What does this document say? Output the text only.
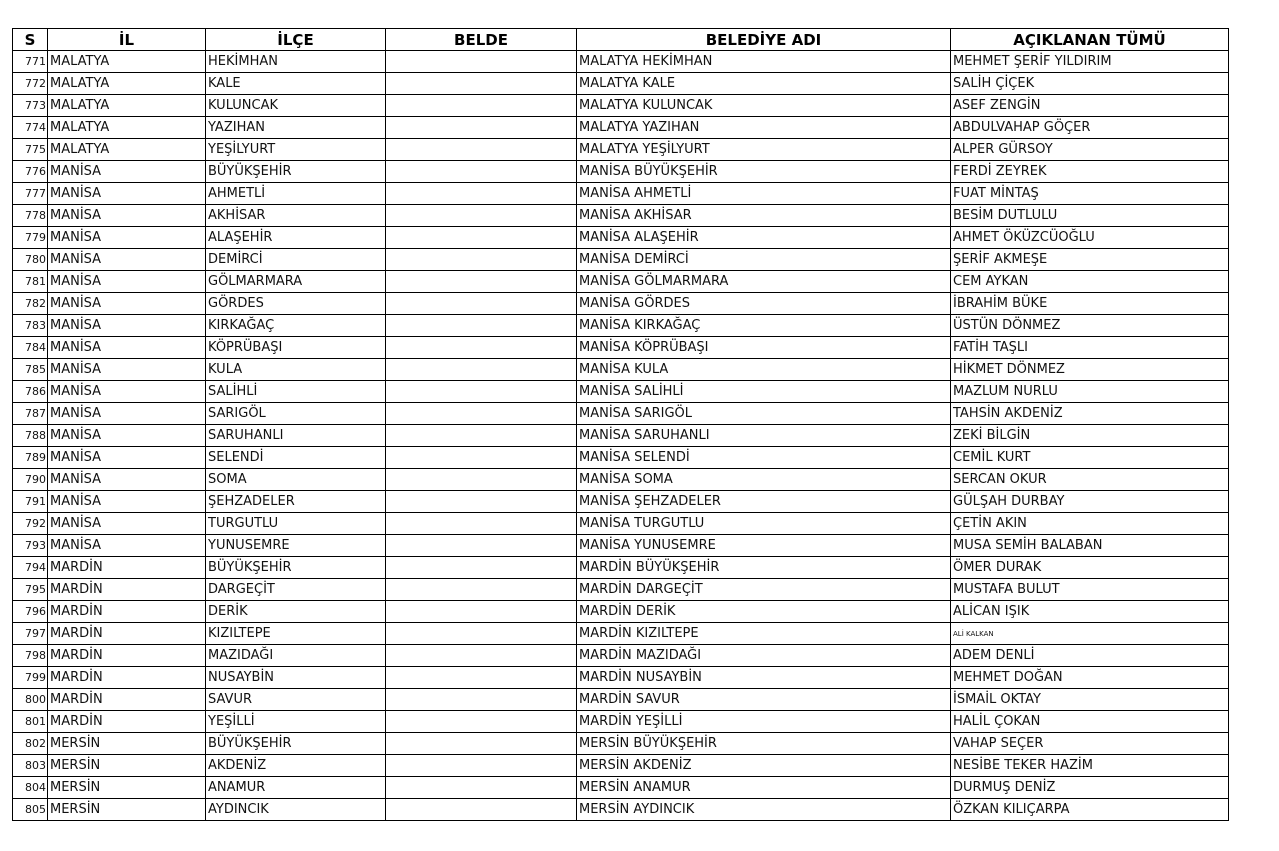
S	İL	İLÇE	BELDE	BELEDİYE ADI	AÇIKLANAN TÜMÜ
771	MALATYA	HEKİMHAN		MALATYA HEKİMHAN	MEHMET ŞERİF YILDIRIM
772	MALATYA	KALE		MALATYA KALE	SALİH ÇİÇEK
773	MALATYA	KULUNCAK		MALATYA KULUNCAK	ASEF ZENGİN
774	MALATYA	YAZIHAN		MALATYA YAZIHAN	ABDULVAHAP GÖÇER
775	MALATYA	YEŞİLYURT		MALATYA YEŞİLYURT	ALPER GÜRSOY
776	MANİSA	BÜYÜKŞEHİR		MANİSA BÜYÜKŞEHİR	FERDİ ZEYREK
777	MANİSA	AHMETLİ		MANİSA AHMETLİ	FUAT MİNTAŞ
778	MANİSA	AKHİSAR		MANİSA AKHİSAR	BESİM DUTLULU
779	MANİSA	ALAŞEHİR		MANİSA ALAŞEHİR	AHMET ÖKÜZCÜOĞLU
780	MANİSA	DEMİRCİ		MANİSA DEMİRCİ	ŞERİF AKMEŞE
781	MANİSA	GÖLMARMARA		MANİSA GÖLMARMARA	CEM AYKAN
782	MANİSA	GÖRDES		MANİSA GÖRDES	İBRAHİM BÜKE
783	MANİSA	KIRKAĞAÇ		MANİSA KIRKAĞAÇ	ÜSTÜN DÖNMEZ
784	MANİSA	KÖPRÜBAŞI		MANİSA KÖPRÜBAŞI	FATİH TAŞLI
785	MANİSA	KULA		MANİSA KULA	HİKMET DÖNMEZ
786	MANİSA	SALİHLİ		MANİSA SALİHLİ	MAZLUM NURLU
787	MANİSA	SARIGÖL		MANİSA SARIGÖL	TAHSİN AKDENİZ
788	MANİSA	SARUHANLI		MANİSA SARUHANLI	ZEKİ BİLGİN
789	MANİSA	SELENDİ		MANİSA SELENDİ	CEMİL KURT
790	MANİSA	SOMA		MANİSA SOMA	SERCAN OKUR
791	MANİSA	ŞEHZADELER		MANİSA ŞEHZADELER	GÜLŞAH DURBAY
792	MANİSA	TURGUTLU		MANİSA TURGUTLU	ÇETİN AKIN
793	MANİSA	YUNUSEMRE		MANİSA YUNUSEMRE	MUSA SEMİH BALABAN
794	MARDİN	BÜYÜKŞEHİR		MARDİN BÜYÜKŞEHİR	ÖMER DURAK
795	MARDİN	DARGEÇİT		MARDİN DARGEÇİT	MUSTAFA BULUT
796	MARDİN	DERİK		MARDİN DERİK	ALİCAN IŞIK
797	MARDİN	KIZILTEPE		MARDİN KIZILTEPE	ALİ KALKAN
798	MARDİN	MAZIDAĞI		MARDİN MAZIDAĞI	ADEM DENLİ
799	MARDİN	NUSAYBİN		MARDİN NUSAYBİN	MEHMET DOĞAN
800	MARDİN	SAVUR		MARDİN SAVUR	İSMAİL OKTAY
801	MARDİN	YEŞİLLİ		MARDİN YEŞİLLİ	HALİL ÇOKAN
802	MERSİN	BÜYÜKŞEHİR		MERSİN BÜYÜKŞEHİR	VAHAP SEÇER
803	MERSİN	AKDENİZ		MERSİN AKDENİZ	NESİBE TEKER HAZİM
804	MERSİN	ANAMUR		MERSİN ANAMUR	DURMUŞ DENİZ
805	MERSİN	AYDINCIK		MERSİN AYDINCIK	ÖZKAN KILIÇARPA
